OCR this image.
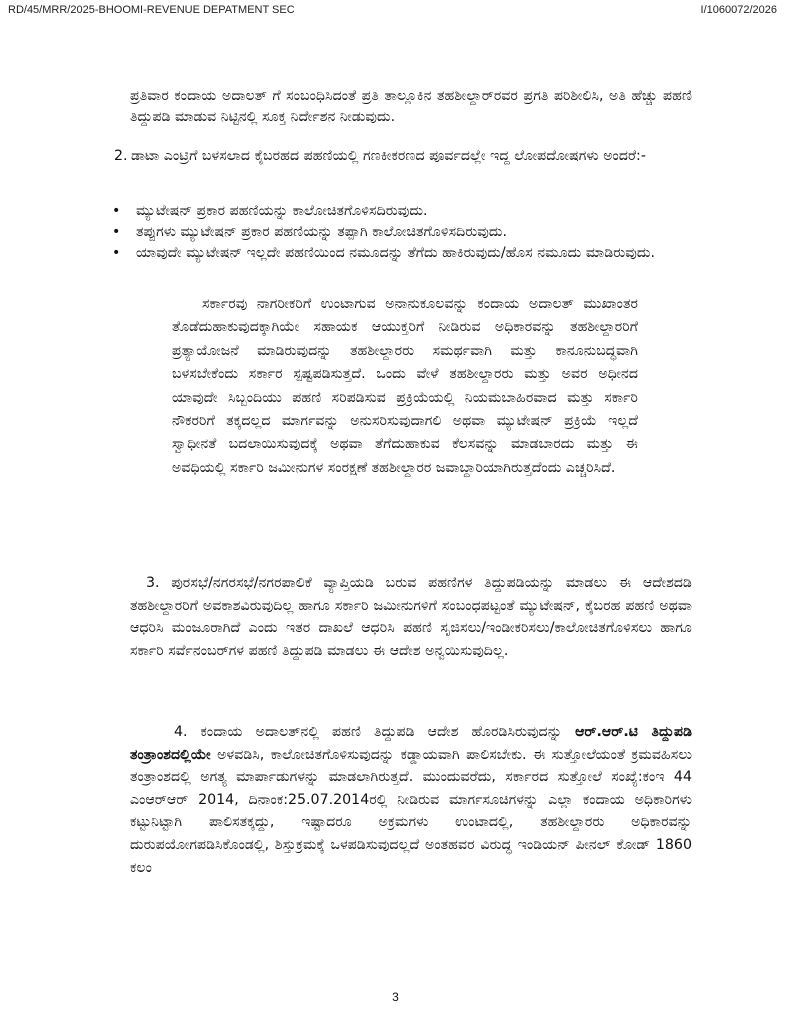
RD/45/MRR/2025-BHOOMI-REVENUE DEPATMENT SEC	I/1060072/2026
ಪ್ರತಿವಾರ ಕಂದಾಯ ಅದಾಲತ್ ಗೆ ಸಂಬಂಧಿಸಿದಂತೆ ಪ್ರತಿ ತಾಲ್ಲೂಕಿನ ತಹಶೀಲ್ದಾರ್‌ರವರ ಪ್ರಗತಿ ಪರಿಶೀಲಿಸಿ, ಅತಿ ಹೆಚ್ಚು ಪಹಣಿ ತಿದ್ದುಪಡಿ ಮಾಡುವ ನಿಟ್ಟಿನಲ್ಲಿ ಸೂಕ್ತ ನಿರ್ದೇಶನ ನೀಡುವುದು.
2. ಡಾಟಾ ಎಂಟ್ರಿಗೆ ಬಳಸಲಾದ ಕೈಬರಹದ ಪಹಣಿಯಲ್ಲಿ ಗಣಕೀಕರಣದ ಪೂರ್ವದಲ್ಲೇ ಇದ್ದ ಲೋಪದೋಷಗಳು ಅಂದರೆ:-
• ಮ್ಯುಟೇಷನ್ ಪ್ರಕಾರ ಪಹಣಿಯನ್ನು ಕಾಲೋಚಿತಗೊಳಿಸದಿರುವುದು.
• ತಪ್ಪುಗಳು ಮ್ಯುಟೇಷನ್ ಪ್ರಕಾರ ಪಹಣಿಯನ್ನು ತಪ್ಪಾಗಿ ಕಾಲೋಚಿತಗೊಳಿಸದಿರುವುದು.
• ಯಾವುದೇ ಮ್ಯುಟೇಷನ್ ಇಲ್ಲದೇ ಪಹಣಿಯಿಂದ ನಮೂದನ್ನು ತೆಗೆದು ಹಾಕಿರುವುದು/ಹೊಸ ನಮೂದು ಮಾಡಿರುವುದು.
ಸರ್ಕಾರವು ನಾಗರೀಕರಿಗೆ ಉಂಟಾಗುವ ಅನಾನುಕೂಲವನ್ನು ಕಂದಾಯ ಅದಾಲತ್ ಮುಖಾಂತರ ತೊಡೆದುಹಾಕುವುದಕ್ಕಾಗಿಯೇ ಸಹಾಯಕ ಆಯುಕ್ತರಿಗೆ ನೀಡಿರುವ ಅಧಿಕಾರವನ್ನು ತಹಶೀಲ್ದಾರರಿಗೆ ಪ್ರತ್ಯಾಯೋಜನೆ ಮಾಡಿರುವುದನ್ನು ತಹಶೀಲ್ದಾರರು ಸಮರ್ಥವಾಗಿ ಮತ್ತು ಕಾನೂನುಬದ್ಧವಾಗಿ ಬಳಸಬೇಕೆಂದು ಸರ್ಕಾರ ಸ್ಪಷ್ಟಪಡಿಸುತ್ತದೆ. ಒಂದು ವೇಳೆ ತಹಶೀಲ್ದಾರರು ಮತ್ತು ಅವರ ಅಧೀನದ ಯಾವುದೇ ಸಿಬ್ಬಂದಿಯು ಪಹಣಿ ಸರಿಪಡಿಸುವ ಪ್ರಕ್ರಿಯೆಯಲ್ಲಿ ನಿಯಮಬಾಹಿರವಾದ ಮತ್ತು ಸರ್ಕಾರಿ ನೌಕರರಿಗೆ ತಕ್ಕದಲ್ಲದ ಮಾರ್ಗವನ್ನು ಅನುಸರಿಸುವುದಾಗಲಿ ಅಥವಾ ಮ್ಯುಟೇಷನ್ ಪ್ರಕ್ರಿಯೆ ಇಲ್ಲದೆ ಸ್ವಾಧೀನತೆ ಬದಲಾಯಿಸುವುದಕ್ಕೆ ಅಥವಾ ತೆಗೆದುಹಾಕುವ ಕೆಲಸವನ್ನು ಮಾಡಬಾರದು ಮತ್ತು ಈ ಅವಧಿಯಲ್ಲಿ ಸರ್ಕಾರಿ ಜಮೀನುಗಳ ಸಂರಕ್ಷಣೆ ತಹಶೀಲ್ದಾರರ ಜವಾಬ್ದಾರಿಯಾಗಿರುತ್ತದೆಂದು ಎಚ್ಚರಿಸಿದೆ.
3. ಪುರಸಭೆ/ನಗರಸಭೆ/ನಗರಪಾಲಿಕೆ ವ್ಯಾಪ್ತಿಯಡಿ ಬರುವ ಪಹಣಿಗಳ ತಿದ್ದುಪಡಿಯನ್ನು ಮಾಡಲು ಈ ಆದೇಶದಡಿ ತಹಶೀಲ್ದಾರರಿಗೆ ಅವಕಾಶವಿರುವುದಿಲ್ಲ ಹಾಗೂ ಸರ್ಕಾರಿ ಜಮೀನುಗಳಿಗೆ ಸಂಬಂಧಪಟ್ಟಂತೆ ಮ್ಯುಟೇಷನ್, ಕೈಬರಹ ಪಹಣಿ ಅಥವಾ ಆಧರಿಸಿ ಮಂಜೂರಾಗಿದೆ ಎಂದು ಇತರ ದಾಖಲೆ ಆಧರಿಸಿ ಪಹಣಿ ಸೃಜಿಸಲು/ಇಂಡೀಕರಿಸಲು/ಕಾಲೋಚಿತಗೊಳಿಸಲು ಹಾಗೂ ಸರ್ಕಾರಿ ಸರ್ವೆನಂಬರ್‌ಗಳ ಪಹಣಿ ತಿದ್ದುಪಡಿ ಮಾಡಲು ಈ ಆದೇಶ ಅನ್ವಯಿಸುವುದಿಲ್ಲ.
4. ಕಂದಾಯ ಅದಾಲತ್‌ನಲ್ಲಿ ಪಹಣಿ ತಿದ್ದುಪಡಿ ಆದೇಶ ಹೊರಡಿಸಿರುವುದನ್ನು ಆರ್.ಆರ್.ಟಿ ತಿದ್ದುಪಡಿ ತಂತ್ರಾಂಶದಲ್ಲಿಯೇ ಅಳವಡಿಸಿ, ಕಾಲೋಚಿತಗೊಳಿಸುವುದನ್ನು ಕಡ್ಡಾಯವಾಗಿ ಪಾಲಿಸಬೇಕು. ಈ ಸುತ್ತೋಲೆಯಂತೆ ಕ್ರಮವಹಿಸಲು ತಂತ್ರಾಂಶದಲ್ಲಿ ಅಗತ್ಯ ಮಾರ್ಪಾಡುಗಳನ್ನು ಮಾಡಲಾಗಿರುತ್ತದೆ. ಮುಂದುವರೆದು, ಸರ್ಕಾರದ ಸುತ್ತೋಲೆ ಸಂಖ್ಯೆ:ಕಂಇ 44 ಎಂಆರ್‌ಆರ್ 2014, ದಿನಾಂಕ:25.07.2014ರಲ್ಲಿ ನೀಡಿರುವ ಮಾರ್ಗಸೂಚಿಗಳನ್ನು ಎಲ್ಲಾ ಕಂದಾಯ ಅಧಿಕಾರಿಗಳು ಕಟ್ಟುನಿಟ್ಟಾಗಿ ಪಾಲಿಸತಕ್ಕದ್ದು, ಇಷ್ಟಾದರೂ ಅಕ್ರಮಗಳು ಉಂಟಾದಲ್ಲಿ, ತಹಶೀಲ್ದಾರರು ಅಧಿಕಾರವನ್ನು ದುರುಪಯೋಗಪಡಿಸಿಕೊಂಡಲ್ಲಿ, ಶಿಸ್ತುಕ್ರಮಕ್ಕೆ ಒಳಪಡಿಸುವುದಲ್ಲದೆ ಅಂತಹವರ ವಿರುದ್ಧ ಇಂಡಿಯನ್ ಪೀನಲ್ ಕೋಡ್ 1860 ಕಲಂ
3
